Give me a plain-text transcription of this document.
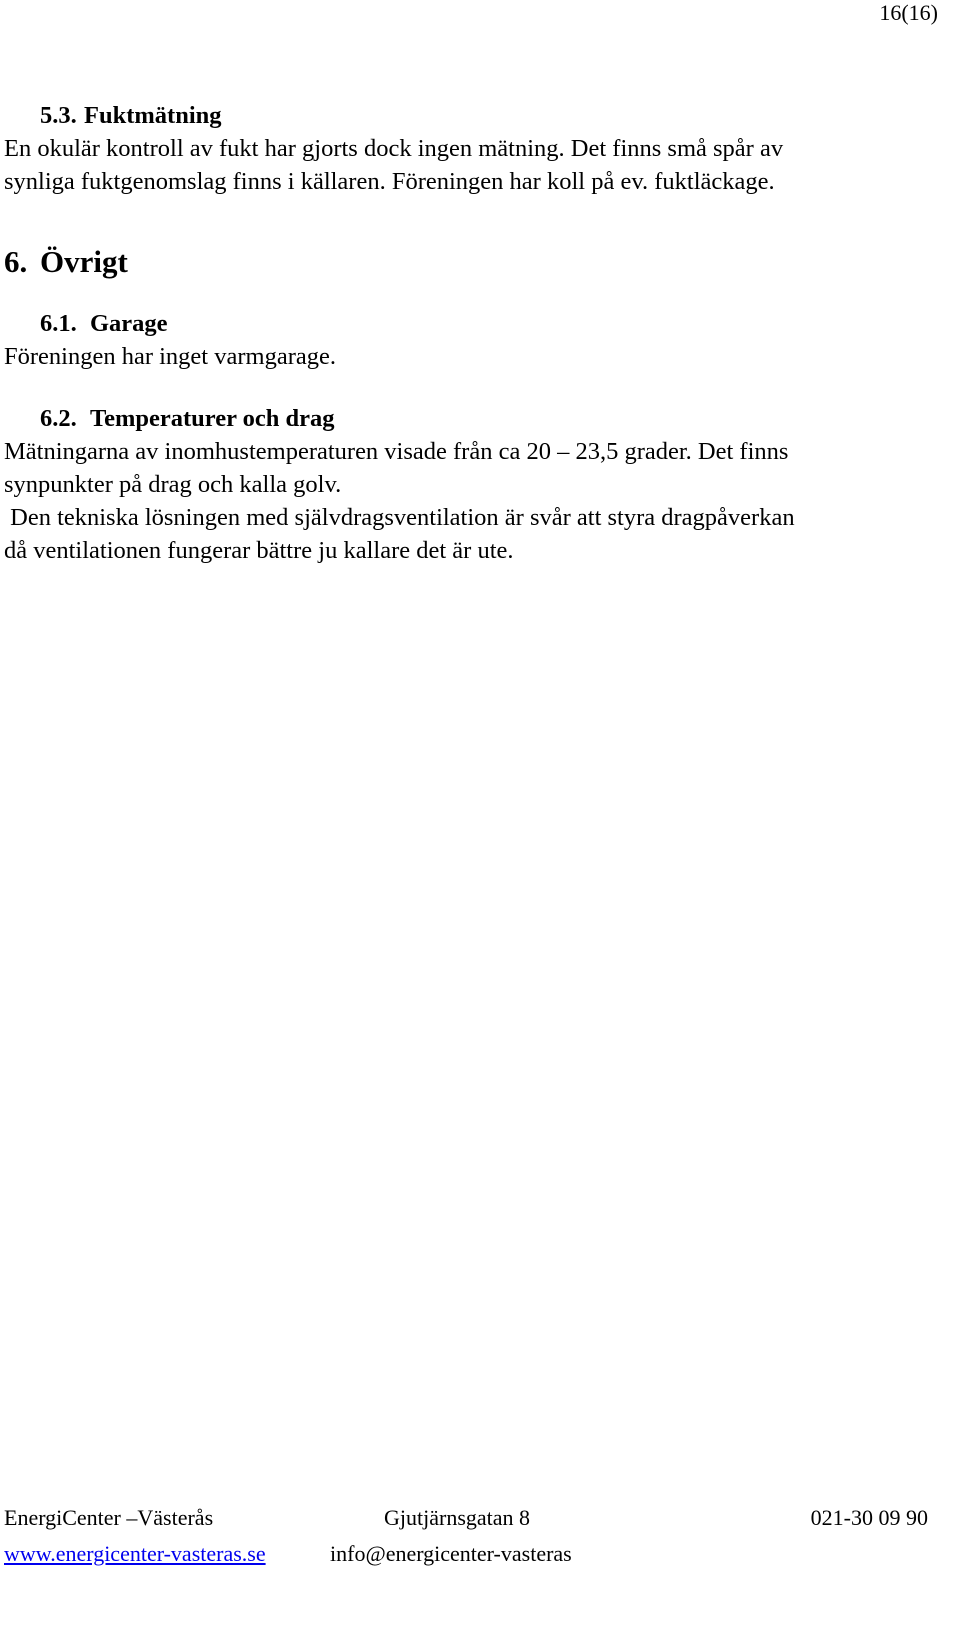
16(16)
5.3. Fuktmätning

En okulär kontroll av fukt har gjorts dock ingen mätning. Det finns små spår av

synliga fuktgenomslag finns i källaren. Föreningen har koll på ev. fuktläckage.

6. Övrigt
6.1. Garage

Föreningen har inget varmgarage.

6.2. Temperaturer och drag

Mätningarna av inomhustemperaturen visade från ca 20 – 23,5 grader. Det finns

synpunkter på drag och kalla golv.

Den tekniska lösningen med självdragsventilation är svår att styra dragpåverkan

då ventilationen fungerar bättre ju kallare det är ute.

EnergiCenter –Västerås	Gjutjärnsgatan 8	021-30 09 90
www.energicenter-vasteras.se	info@energicenter-vasteras
